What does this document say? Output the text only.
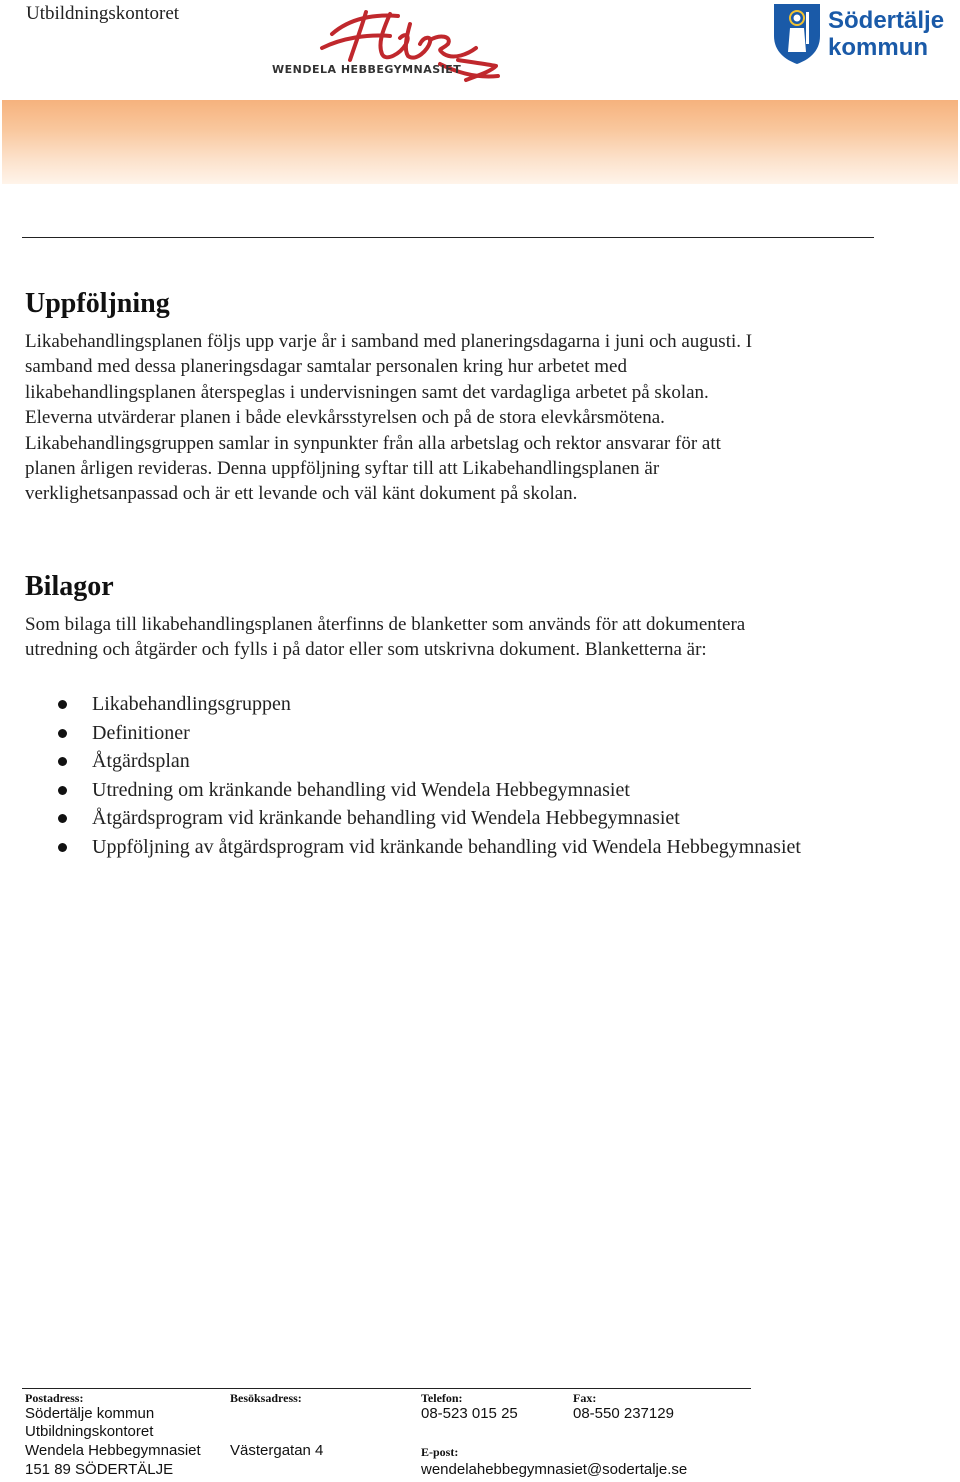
Utbildningskontoret
WENDELA HEBBEGYMNASIET
Södertälje
kommun
Uppföljning
Likabehandlingsplanen följs upp varje år i samband med planeringsdagarna i juni och augusti. I
samband med dessa planeringsdagar samtalar personalen kring hur arbetet med
likabehandlingsplanen återspeglas i undervisningen samt det vardagliga arbetet på skolan.
Eleverna utvärderar planen i både elevkårsstyrelsen och på de stora elevkårsmötena.
Likabehandlingsgruppen samlar in synpunkter från alla arbetslag och rektor ansvarar för att
planen årligen revideras. Denna uppföljning syftar till att Likabehandlingsplanen är
verklighetsanpassad och är ett levande och väl känt dokument på skolan.
Bilagor
Som bilaga till likabehandlingsplanen återfinns de blanketter som används för att dokumentera
utredning och åtgärder och fylls i på dator eller som utskrivna dokument. Blanketterna är:
Likabehandlingsgruppen
Definitioner
Åtgärdsplan
Utredning om kränkande behandling vid Wendela Hebbegymnasiet
Åtgärdsprogram vid kränkande behandling vid Wendela Hebbegymnasiet
Uppföljning av åtgärdsprogram vid kränkande behandling vid Wendela Hebbegymnasiet
Postadress:
Södertälje kommun
Utbildningskontoret
Wendela Hebbegymnasiet
151 89 SÖDERTÄLJE
Besöksadress:
Västergatan 4
Telefon:
08-523 015 25
E-post:
wendelahebbegymnasiet@sodertalje.se
Fax:
08-550 237129
